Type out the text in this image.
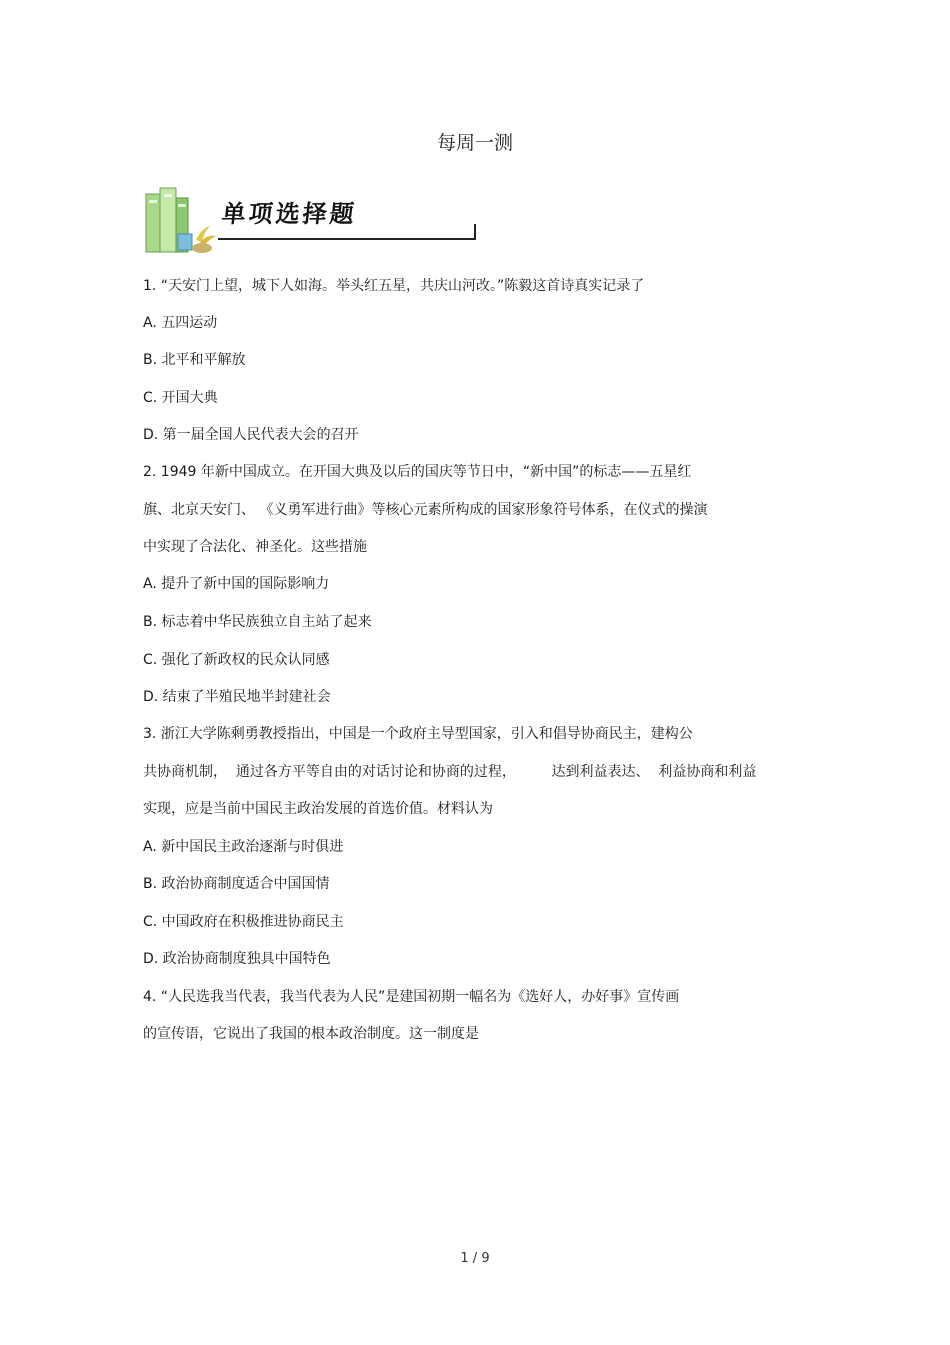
每周一测
单项选择题
1. “天安门上望，城下人如海。举头红五星，共庆山河改。”陈毅这首诗真实记录了
A. 五四运动
B. 北平和平解放
C. 开国大典
D. 第一届全国人民代表大会的召开
2. 1949 年新中国成立。在开国大典及以后的国庆等节日中，“新中国”的标志——五星红
旗、北京天安门、 《义勇军进行曲》等核心元素所构成的国家形象符号体系，在仪式的操演
中实现了合法化、神圣化。这些措施
A. 提升了新中国的国际影响力
B. 标志着中华民族独立自主站了起来
C. 强化了新政权的民众认同感
D. 结束了半殖民地半封建社会
3. 浙江大学陈剩勇教授指出，中国是一个政府主导型国家，引入和倡导协商民主，建构公
共协商机制，  通过各方平等自由的对话讨论和协商的过程，        达到利益表达、  利益协商和利益
实现，应是当前中国民主政治发展的首选价值。材料认为
A. 新中国民主政治逐渐与时俱进
B. 政治协商制度适合中国国情
C. 中国政府在积极推进协商民主
D. 政治协商制度独具中国特色
4. “人民选我当代表，我当代表为人民”是建国初期一幅名为《选好人，办好事》宣传画
的宣传语，它说出了我国的根本政治制度。这一制度是
1 / 9
